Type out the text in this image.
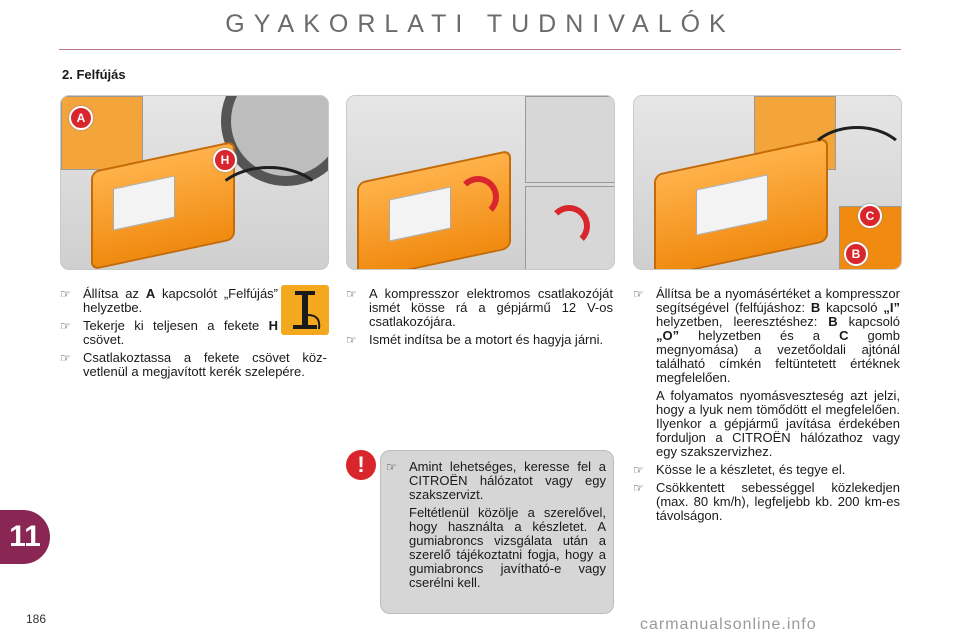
GYAKORLATI TUDNIVALÓK
2. Felfújás
A
H
C
B
☞ Állítsa az A kapcsolót „Felfújás” helyzetbe.
☞ Tekerje ki teljesen a fekete H csövet.
☞ Csatlakoztassa a fekete csövet közvetlenül a megjavított kerék szelepére.
☞ A kompresszor elektromos csatlakozóját ismét kösse rá a gépjármű 12 V-os csatlakozójára.
☞ Ismét indítsa be a motort és hagyja járni.
!	☞ Amint lehetséges, keresse fel a CITROËN hálózatot vagy egy szakszervizt.
Feltétlenül közölje a szerelővel, hogy használta a készletet. A gumiabroncs vizsgálata után a szerelő tájékoztatni fogja, hogy a gumiabroncs javítható-e vagy cserélni kell.
☞ Állítsa be a nyomásértéket a kompresszor segítségével (felfújáshoz: B kapcsoló „I” helyzetben, leeresztéshez: B kapcsoló „O” helyzetben és a C gomb megnyomása) a vezetőoldali ajtónál található címkén feltüntetett értéknek megfelelően.
A folyamatos nyomásveszteség azt jelzi, hogy a lyuk nem tömődött el megfelelően. Ilyenkor a gépjármű javítása érdekében forduljon a CITROËN hálózathoz vagy egy szakszervizhez.
☞ Kösse le a készletet, és tegye el.
☞ Csökkentett sebességgel közlekedjen (max. 80 km/h), legfeljebb kb. 200 km-es távolságon.
11
186	carmanualsonline.info
